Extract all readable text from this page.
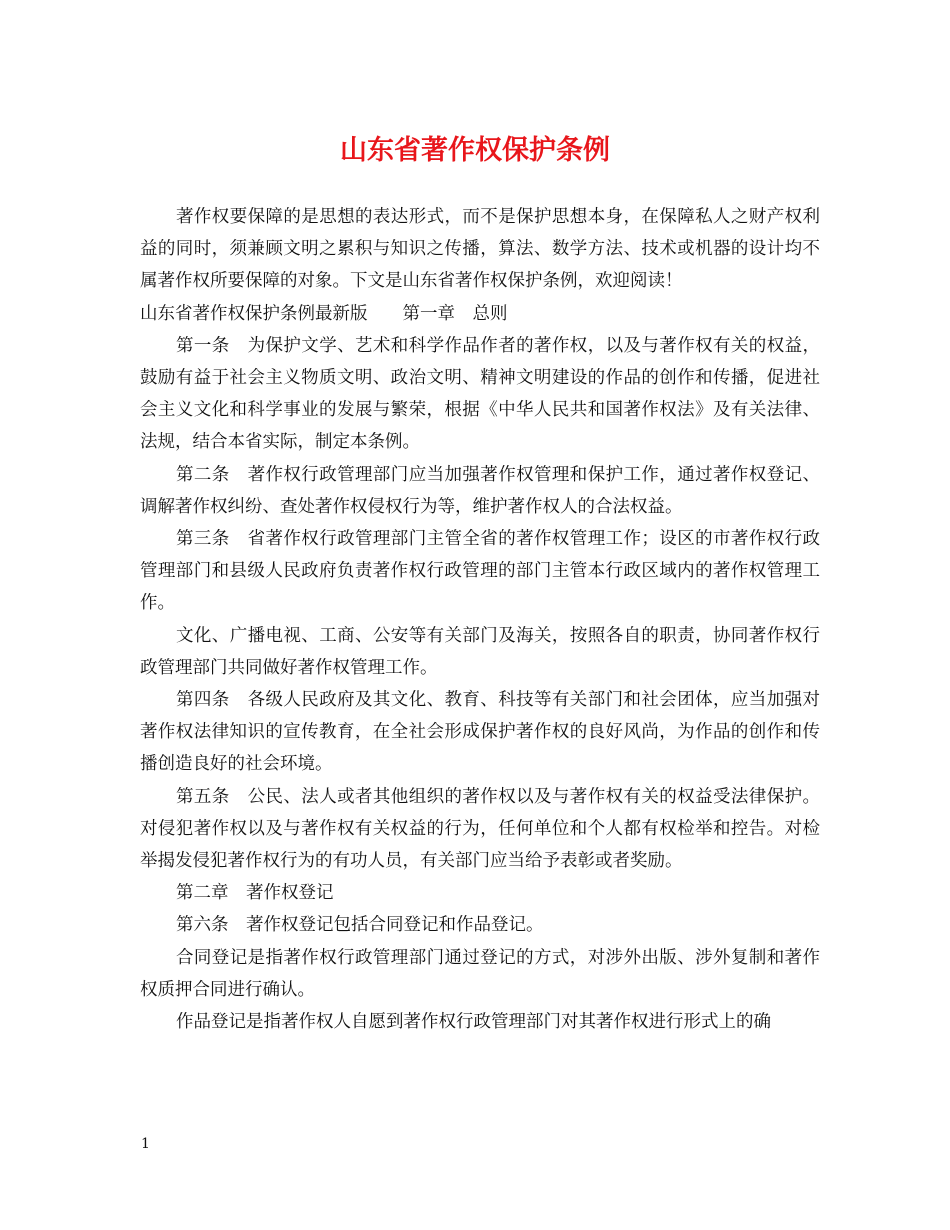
山东省著作权保护条例

著作权要保障的是思想的表达形式，而不是保护思想本身，在保障私人之财产权利益的同时，须兼顾文明之累积与知识之传播，算法、数学方法、技术或机器的设计均不属著作权所要保障的对象。下文是山东省著作权保护条例，欢迎阅读！

山东省著作权保护条例最新版　　第一章　总则

第一条　为保护文学、艺术和科学作品作者的著作权，以及与著作权有关的权益，鼓励有益于社会主义物质文明、政治文明、精神文明建设的作品的创作和传播，促进社会主义文化和科学事业的发展与繁荣，根据《中华人民共和国著作权法》及有关法律、法规，结合本省实际，制定本条例。

第二条　著作权行政管理部门应当加强著作权管理和保护工作，通过著作权登记、调解著作权纠纷、查处著作权侵权行为等，维护著作权人的合法权益。

第三条　省著作权行政管理部门主管全省的著作权管理工作；设区的市著作权行政管理部门和县级人民政府负责著作权行政管理的部门主管本行政区域内的著作权管理工作。

文化、广播电视、工商、公安等有关部门及海关，按照各自的职责，协同著作权行政管理部门共同做好著作权管理工作。

第四条　各级人民政府及其文化、教育、科技等有关部门和社会团体，应当加强对著作权法律知识的宣传教育，在全社会形成保护著作权的良好风尚，为作品的创作和传播创造良好的社会环境。

第五条　公民、法人或者其他组织的著作权以及与著作权有关的权益受法律保护。对侵犯著作权以及与著作权有关权益的行为，任何单位和个人都有权检举和控告。对检举揭发侵犯著作权行为的有功人员，有关部门应当给予表彰或者奖励。

第二章　著作权登记

第六条　著作权登记包括合同登记和作品登记。

合同登记是指著作权行政管理部门通过登记的方式，对涉外出版、涉外复制和著作权质押合同进行确认。

作品登记是指著作权人自愿到著作权行政管理部门对其著作权进行形式上的确

1
